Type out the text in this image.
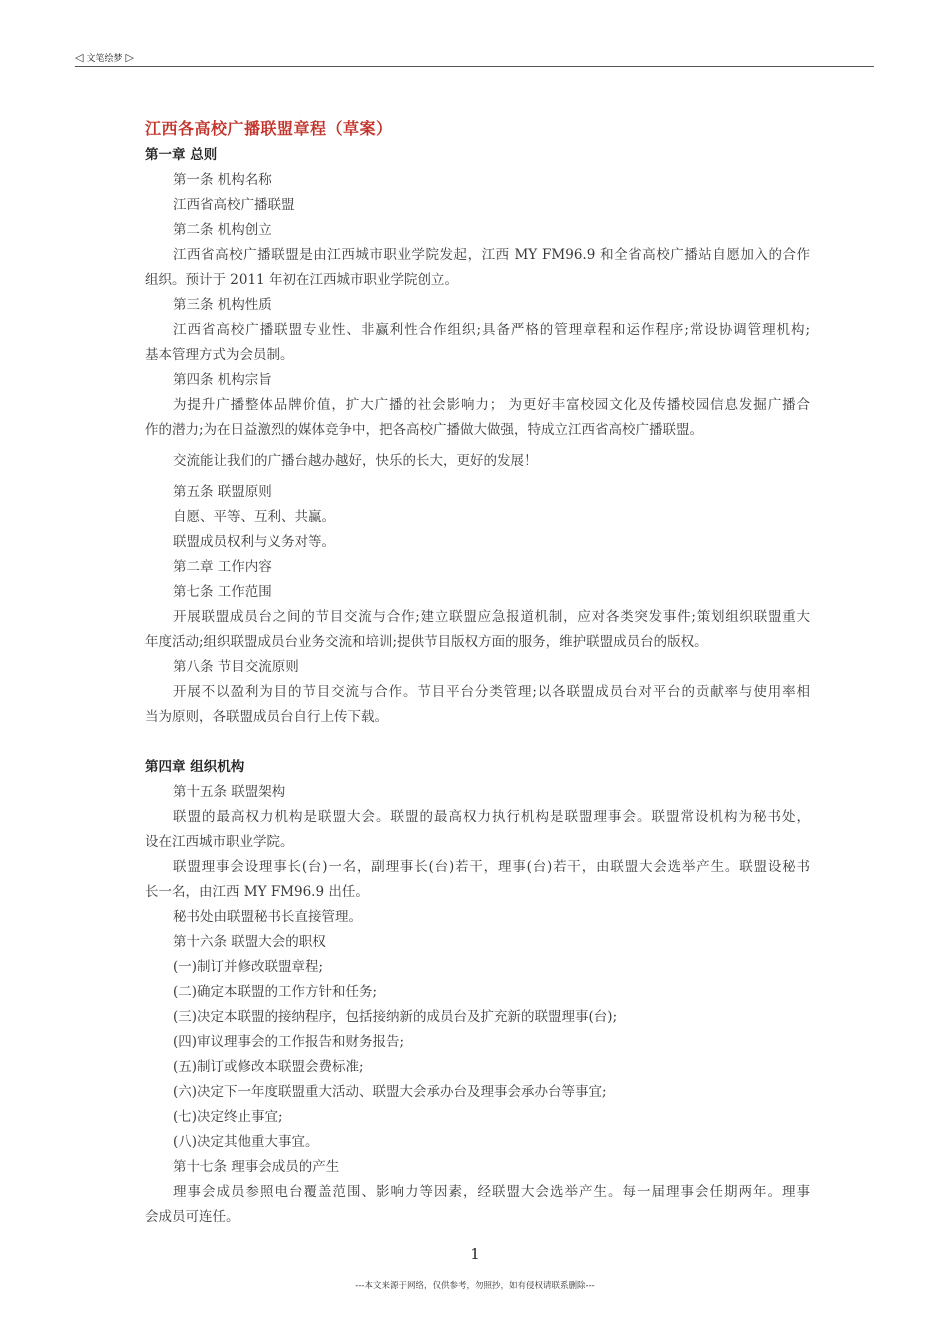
◁ 文笔绘梦 ▷
江西各高校广播联盟章程（草案）
第一章 总则
第一条 机构名称
江西省高校广播联盟
第二条 机构创立
江西省高校广播联盟是由江西城市职业学院发起，江西 MY FM96.9 和全省高校广播站自愿加入的合作
组织。预计于 2011 年初在江西城市职业学院创立。
第三条 机构性质
江西省高校广播联盟专业性、非赢利性合作组织;具备严格的管理章程和运作程序;常设协调管理机构;
基本管理方式为会员制。
第四条 机构宗旨
为提升广播整体品牌价值，扩大广播的社会影响力； 为更好丰富校园文化及传播校园信息发掘广播合
作的潜力;为在日益激烈的媒体竞争中，把各高校广播做大做强，特成立江西省高校广播联盟。
交流能让我们的广播台越办越好，快乐的长大，更好的发展！
第五条 联盟原则
自愿、平等、互利、共赢。
联盟成员权利与义务对等。
第二章 工作内容
第七条 工作范围
开展联盟成员台之间的节目交流与合作;建立联盟应急报道机制，应对各类突发事件;策划组织联盟重大
年度活动;组织联盟成员台业务交流和培训;提供节目版权方面的服务，维护联盟成员台的版权。
第八条 节目交流原则
开展不以盈利为目的节目交流与合作。节目平台分类管理;以各联盟成员台对平台的贡献率与使用率相
当为原则，各联盟成员台自行上传下载。
第四章 组织机构
第十五条 联盟架构
联盟的最高权力机构是联盟大会。联盟的最高权力执行机构是联盟理事会。联盟常设机构为秘书处，
设在江西城市职业学院。
联盟理事会设理事长(台)一名，副理事长(台)若干，理事(台)若干，由联盟大会选举产生。联盟设秘书
长一名，由江西 MY FM96.9 出任。
秘书处由联盟秘书长直接管理。
第十六条 联盟大会的职权
(一)制订并修改联盟章程;
(二)确定本联盟的工作方针和任务;
(三)决定本联盟的接纳程序，包括接纳新的成员台及扩充新的联盟理事(台);
(四)审议理事会的工作报告和财务报告;
(五)制订或修改本联盟会费标准;
(六)决定下一年度联盟重大活动、联盟大会承办台及理事会承办台等事宜;
(七)决定终止事宜;
(八)决定其他重大事宜。
第十七条 理事会成员的产生
理事会成员参照电台覆盖范围、影响力等因素，经联盟大会选举产生。每一届理事会任期两年。理事
会成员可连任。
1
---本文来源于网络，仅供参考，勿照抄，如有侵权请联系删除---
